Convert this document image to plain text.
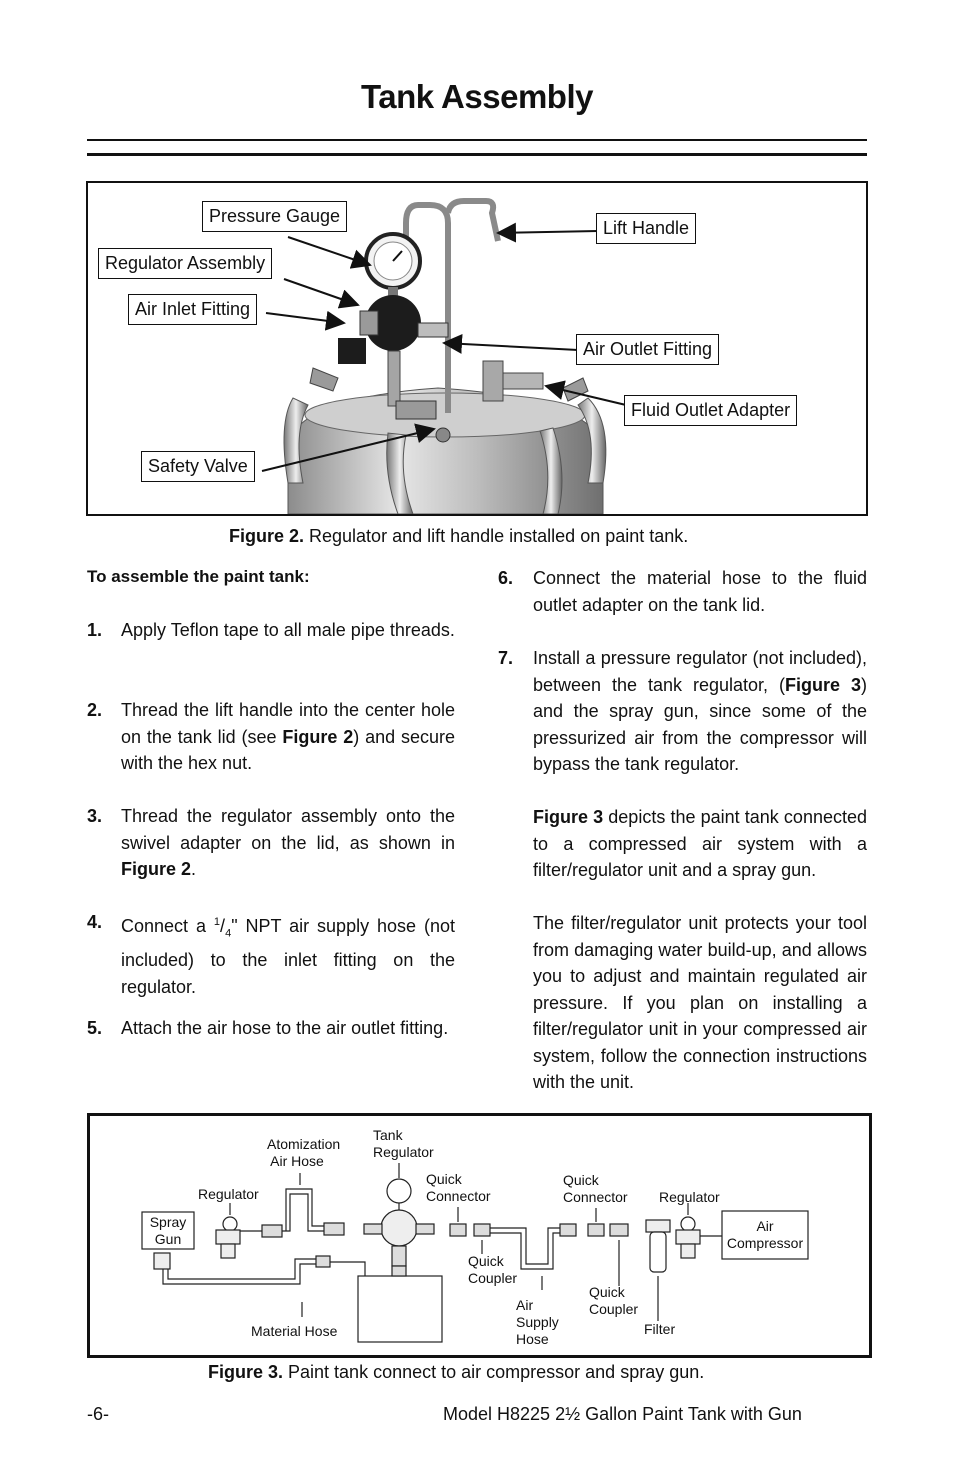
Tank Assembly
Pressure Gauge
Regulator Assembly
Air Inlet Fitting
Lift Handle
Air Outlet Fitting
Fluid Outlet Adapter
Safety Valve
Figure 2. Regulator and lift handle installed on paint tank.
To assemble the paint tank:
1. Apply Teflon tape to all male pipe threads.
2. Thread the lift handle into the center hole on the tank lid (see Figure 2) and secure with the hex nut.
3. Thread the regulator assembly onto the swivel adapter on the lid, as shown in Figure 2.
4. Connect a $^1/_4$" NPT air supply hose (not included) to the inlet fitting on the regulator.
5. Attach the air hose to the air outlet fitting.
6. Connect the material hose to the fluid outlet adapter on the tank lid.
7. Install a pressure regulator (not included), between the tank regulator, (Figure 3) and the spray gun, since some of the pressurized air from the compressor will bypass the tank regulator.
Figure 3 depicts the paint tank connected to a compressed air system with a filter/regulator unit and a spray gun.
The filter/regulator unit protects your tool from damaging water build-up, and allows you to adjust and maintain regulated air pressure. If you plan on installing a filter/regulator unit in your compressed air system, follow the connection instructions with the unit.
Atomization
Air Hose
Tank
Regulator
Regulator
Quick
Connector
Quick
Connector Regulator
Spray
Gun
Air
Compressor
Quick
Coupler
Quick
Coupler
Air
Supply
Hose
Filter
Material Hose
Figure 3. Paint tank connect to air compressor and spray gun.
-6-	Model H8225 2½ Gallon Paint Tank with Gun
